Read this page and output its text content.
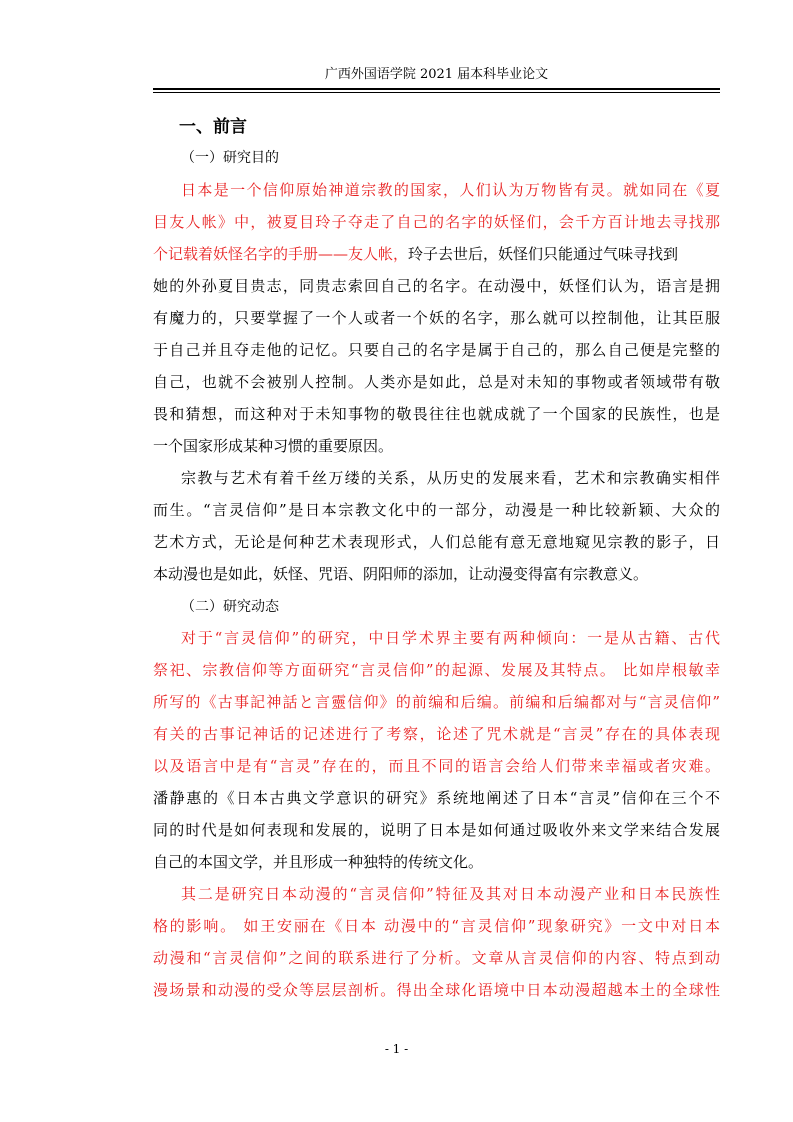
广西外国语学院 2021 届本科毕业论文
一、前言
（一）研究目的
日本是一个信仰原始神道宗教的国家，人们认为万物皆有灵。就如同在《夏
目友人帐》中，被夏目玲子夺走了自己的名字的妖怪们，会千方百计地去寻找那
个记载着妖怪名字的手册——友人帐，玲子去世后，妖怪们只能通过气味寻找到
她的外孙夏目贵志，同贵志索回自己的名字。在动漫中，妖怪们认为，语言是拥
有魔力的，只要掌握了一个人或者一个妖的名字，那么就可以控制他，让其臣服
于自己并且夺走他的记忆。只要自己的名字是属于自己的，那么自己便是完整的
自己，也就不会被别人控制。人类亦是如此，总是对未知的事物或者领域带有敬
畏和猜想，而这种对于未知事物的敬畏往往也就成就了一个国家的民族性，也是
一个国家形成某种习惯的重要原因。
宗教与艺术有着千丝万缕的关系，从历史的发展来看，艺术和宗教确实相伴
而生。“言灵信仰”是日本宗教文化中的一部分，动漫是一种比较新颖、大众的
艺术方式，无论是何种艺术表现形式，人们总能有意无意地窥见宗教的影子，日
本动漫也是如此，妖怪、咒语、阴阳师的添加，让动漫变得富有宗教意义。
（二）研究动态
对于“言灵信仰”的研究，中日学术界主要有两种倾向：一是从古籍、古代
祭祀、宗教信仰等方面研究“言灵信仰”的起源、发展及其特点。 比如岸根敏幸
所写的《古事記神話と言靈信仰》的前编和后编。前编和后编都对与“言灵信仰”
有关的古事记神话的记述进行了考察，论述了咒术就是“言灵”存在的具体表现
以及语言中是有“言灵”存在的，而且不同的语言会给人们带来幸福或者灾难。
潘静惠的《日本古典文学意识的研究》系统地阐述了日本“言灵”信仰在三个不
同的时代是如何表现和发展的，说明了日本是如何通过吸收外来文学来结合发展
自己的本国文学，并且形成一种独特的传统文化。
其二是研究日本动漫的“言灵信仰”特征及其对日本动漫产业和日本民族性
格的影响。 如王安丽在《日本 动漫中的“言灵信仰”现象研究》一文中对日本
动漫和“言灵信仰”之间的联系进行了分析。文章从言灵信仰的内容、特点到动
漫场景和动漫的受众等层层剖析。得出全球化语境中日本动漫超越本土的全球性
- 1 -
